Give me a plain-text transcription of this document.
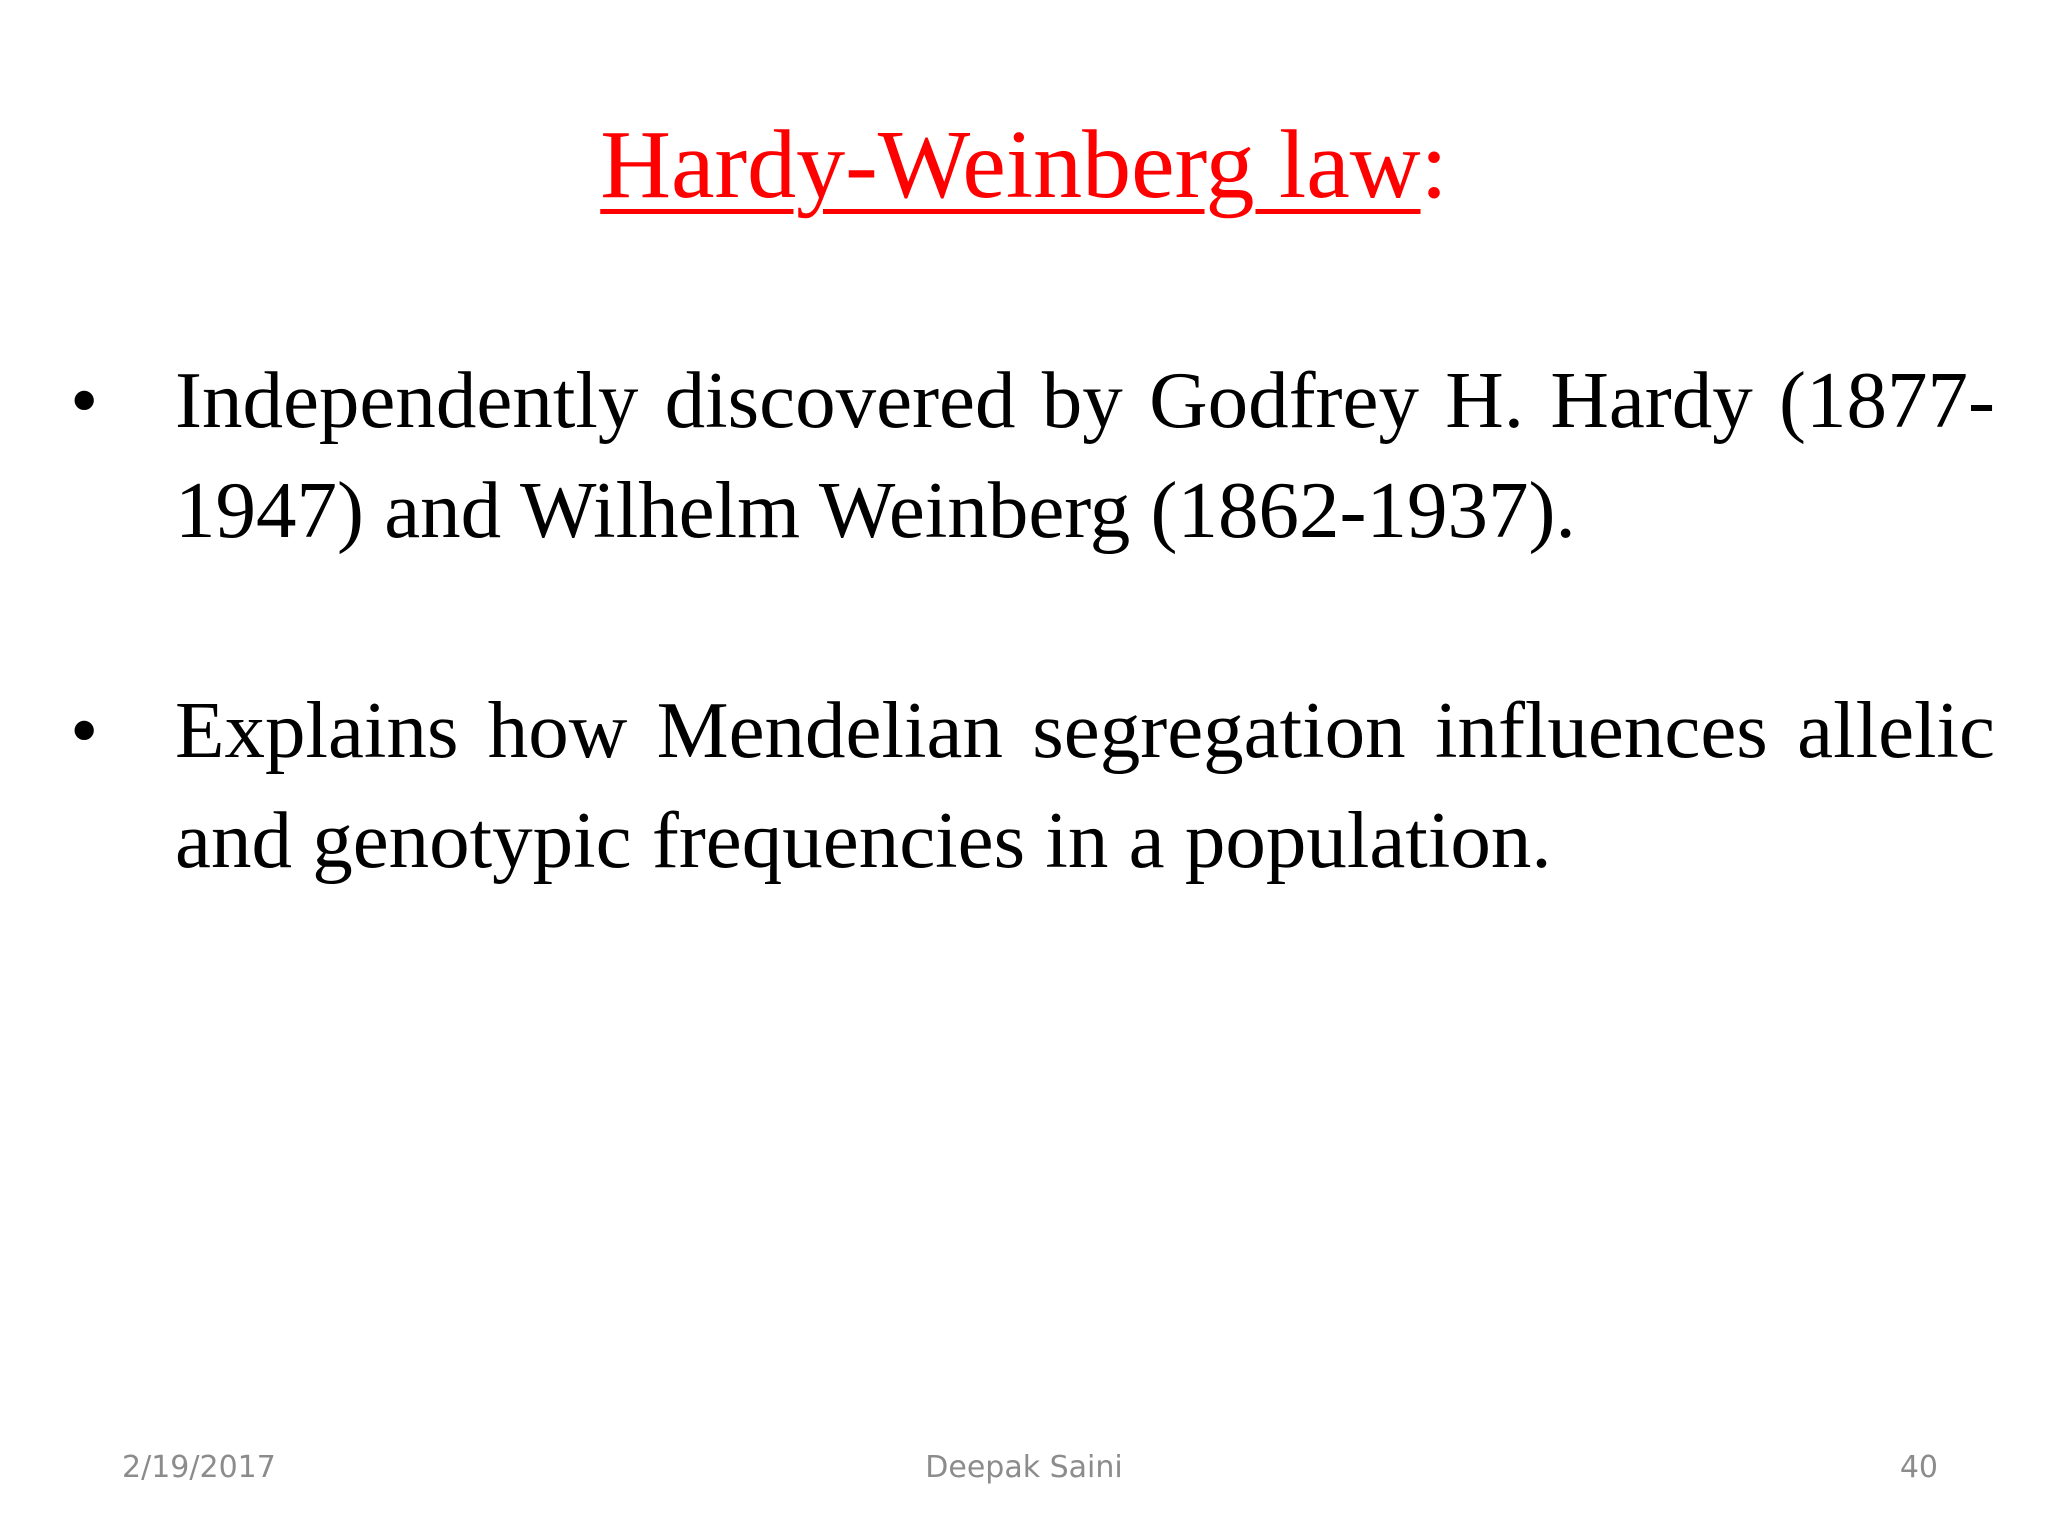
Hardy-Weinberg law:
• Independently discovered by Godfrey H. Hardy (1877-1947) and Wilhelm Weinberg (1862-1937).
• Explains how Mendelian segregation influences allelic and genotypic frequencies in a population.
2/19/2017	Deepak Saini	40
